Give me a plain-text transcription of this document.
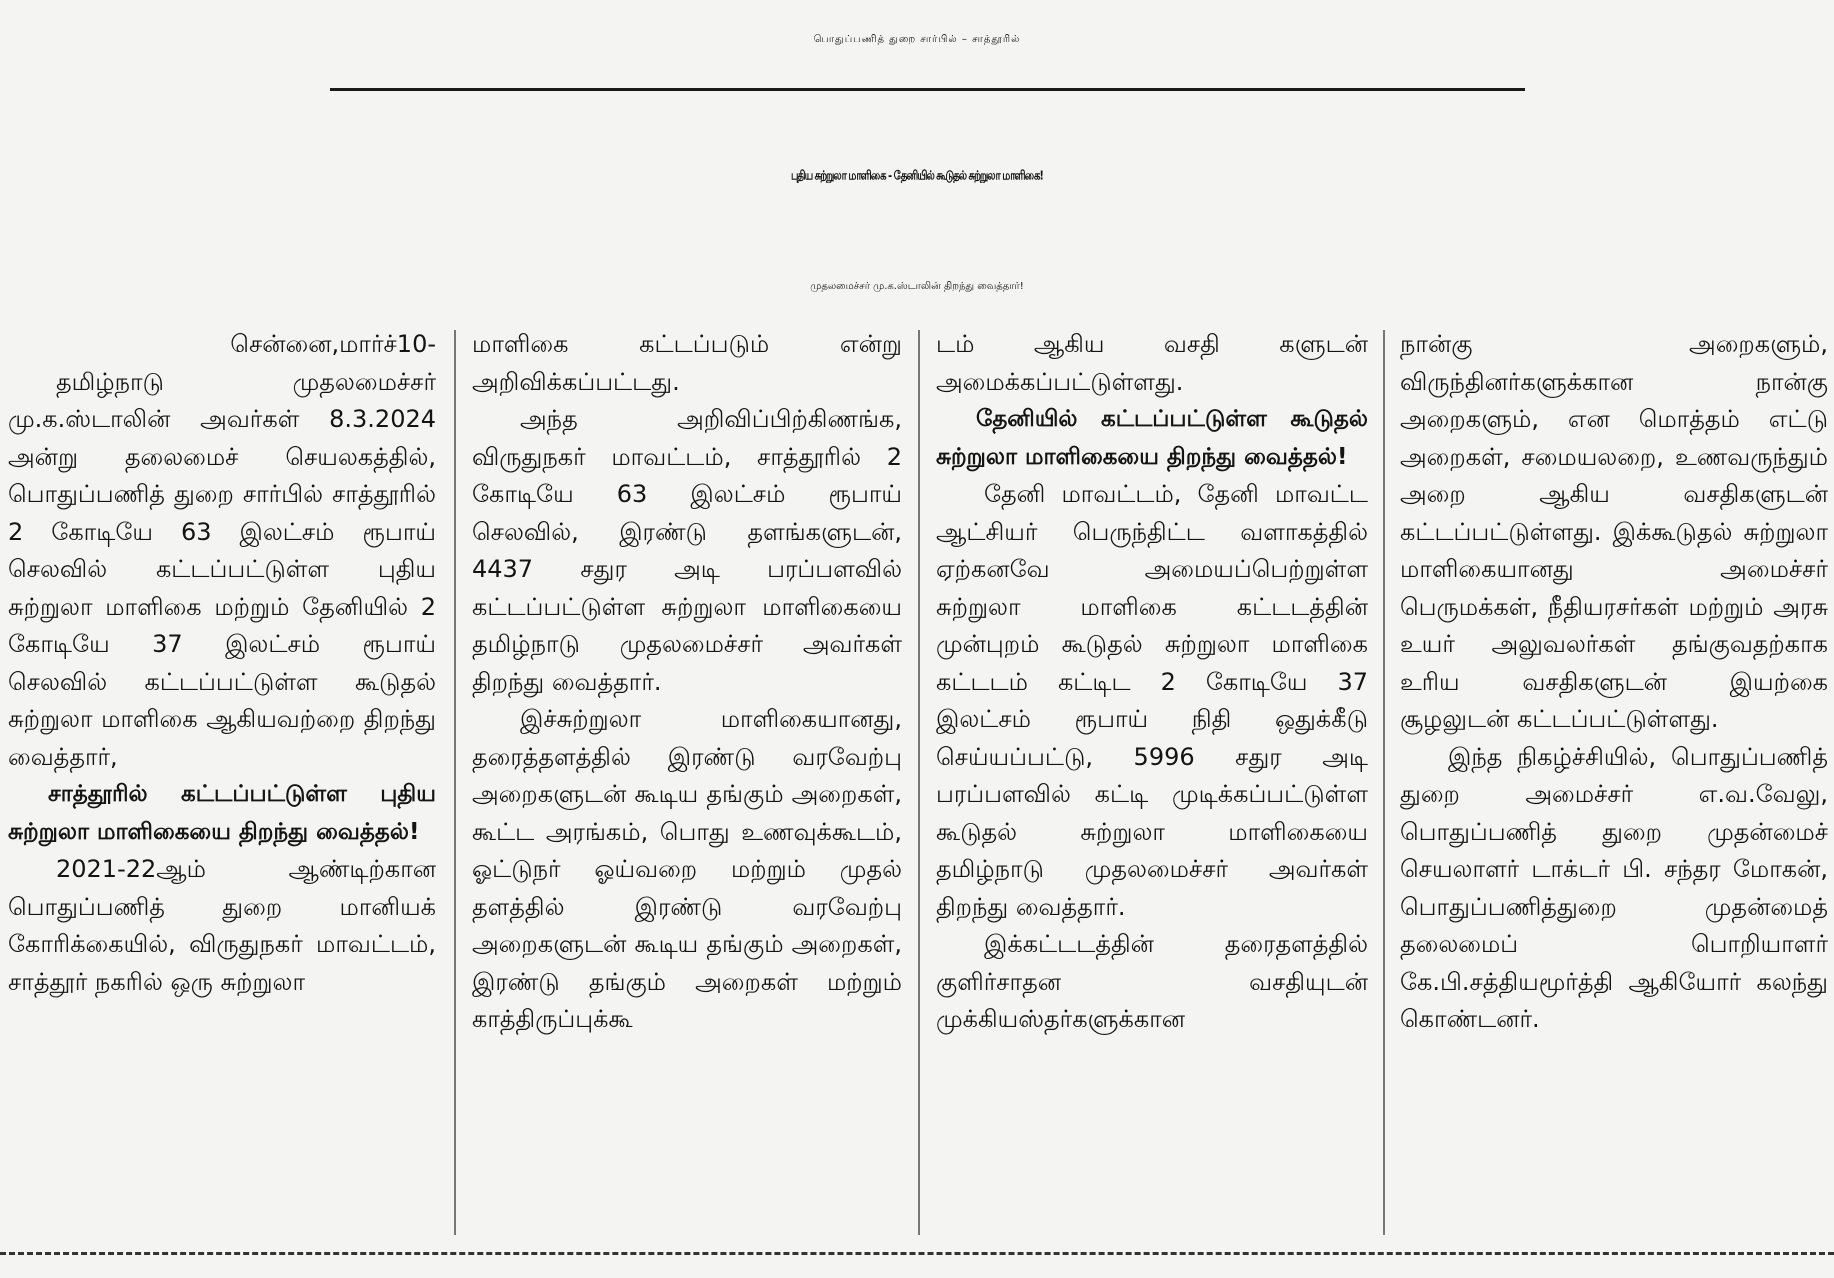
பொதுப்பணித் துறை சார்பில் – சாத்தூரில்
புதிய சுற்றுலா மாளிகை - தேனியில் கூடுதல் சுற்றுலா மாளிகை!
முதலமைச்சர் மு.க.ஸ்டாலின் திறந்து வைத்தார்!

சென்னை,மார்ச்10-

தமிழ்நாடு முதலமைச்சர் மு.க.ஸ்டாலின் அவர்கள் 8.3.2024 அன்று தலைமைச் செயலகத்தில், பொதுப்பணித் துறை சார்பில் சாத்தூரில் 2 கோடியே 63 இலட்சம் ரூபாய் செலவில் கட்டப்பட்டுள்ள புதிய சுற்றுலா மாளிகை மற்றும் தேனியில் 2 கோடியே 37 இலட்சம் ரூபாய் செலவில் கட்டப்பட்டுள்ள கூடுதல் சுற்றுலா மாளிகை ஆகியவற்றை திறந்து வைத்தார்,

சாத்தூரில் கட்டப்பட்டுள்ள புதிய சுற்றுலா மாளிகையை திறந்து வைத்தல்!

2021-22ஆம் ஆண்டிற்கான பொதுப்பணித் துறை மானியக் கோரிக்கையில், விருதுநகர் மாவட்டம், சாத்தூர் நகரில் ஒரு சுற்றுலா

மாளிகை கட்டப்படும் என்று அறிவிக்கப்பட்டது.

அந்த அறிவிப்பிற்கிணங்க, விருதுநகர் மாவட்டம், சாத்தூரில் 2 கோடியே 63 இலட்சம் ரூபாய் செலவில், இரண்டு தளங்களுடன், 4437 சதுர அடி பரப்பளவில் கட்டப்பட்டுள்ள சுற்றுலா மாளிகையை தமிழ்நாடு முதலமைச்சர் அவர்கள் திறந்து வைத்தார்.

இச்சுற்றுலா மாளிகையானது, தரைத்தளத்தில் இரண்டு வரவேற்பு அறைகளுடன் கூடிய தங்கும் அறைகள், கூட்ட அரங்கம், பொது உணவுக்கூடம், ஓட்டுநர் ஓய்வறை மற்றும் முதல் தளத்தில் இரண்டு வரவேற்பு அறைகளுடன் கூடிய தங்கும் அறைகள், இரண்டு தங்கும் அறைகள் மற்றும் காத்திருப்புக்கூ

டம் ஆகிய வசதி களுடன் அமைக்கப்பட்டுள்ளது.

தேனியில் கட்டப்பட்டுள்ள கூடுதல் சுற்றுலா மாளிகையை திறந்து வைத்தல்!

தேனி மாவட்டம், தேனி மாவட்ட ஆட்சியர் பெருந்திட்ட வளாகத்தில் ஏற்கனவே அமையப்பெற்றுள்ள சுற்றுலா மாளிகை கட்டடத்தின் முன்புறம் கூடுதல் சுற்றுலா மாளிகை கட்டடம் கட்டிட 2 கோடியே 37 இலட்சம் ரூபாய் நிதி ஒதுக்கீடு செய்யப்பட்டு, 5996 சதுர அடி பரப்பளவில் கட்டி முடிக்கப்பட்டுள்ள கூடுதல் சுற்றுலா மாளிகையை தமிழ்நாடு முதலமைச்சர் அவர்கள் திறந்து வைத்தார்.

இக்கட்டடத்தின் தரைதளத்தில் குளிர்சாதன வசதியுடன் முக்கியஸ்தர்களுக்கான

நான்கு அறைகளும், விருந்தினர்களுக்கான நான்கு அறைகளும், என மொத்தம் எட்டு அறைகள், சமையலறை, உணவருந்தும் அறை ஆகிய வசதிகளுடன் கட்டப்பட்டுள்ளது. இக்கூடுதல் சுற்றுலா மாளிகையானது அமைச்சர் பெருமக்கள், நீதியரசர்கள் மற்றும் அரசு உயர் அலுவலர்கள் தங்குவதற்காக உரிய வசதிகளுடன் இயற்கை சூழலுடன் கட்டப்பட்டுள்ளது.

இந்த நிகழ்ச்சியில், பொதுப்பணித் துறை அமைச்சர் எ.வ.வேலு, பொதுப்பணித் துறை முதன்மைச் செயலாளர் டாக்டர் பி. சந்தர மோகன், பொதுப்பணித்துறை முதன்மைத் தலைமைப் பொறியாளர் கே.பி.சத்தியமூர்த்தி ஆகியோர் கலந்து கொண்டனர்.
